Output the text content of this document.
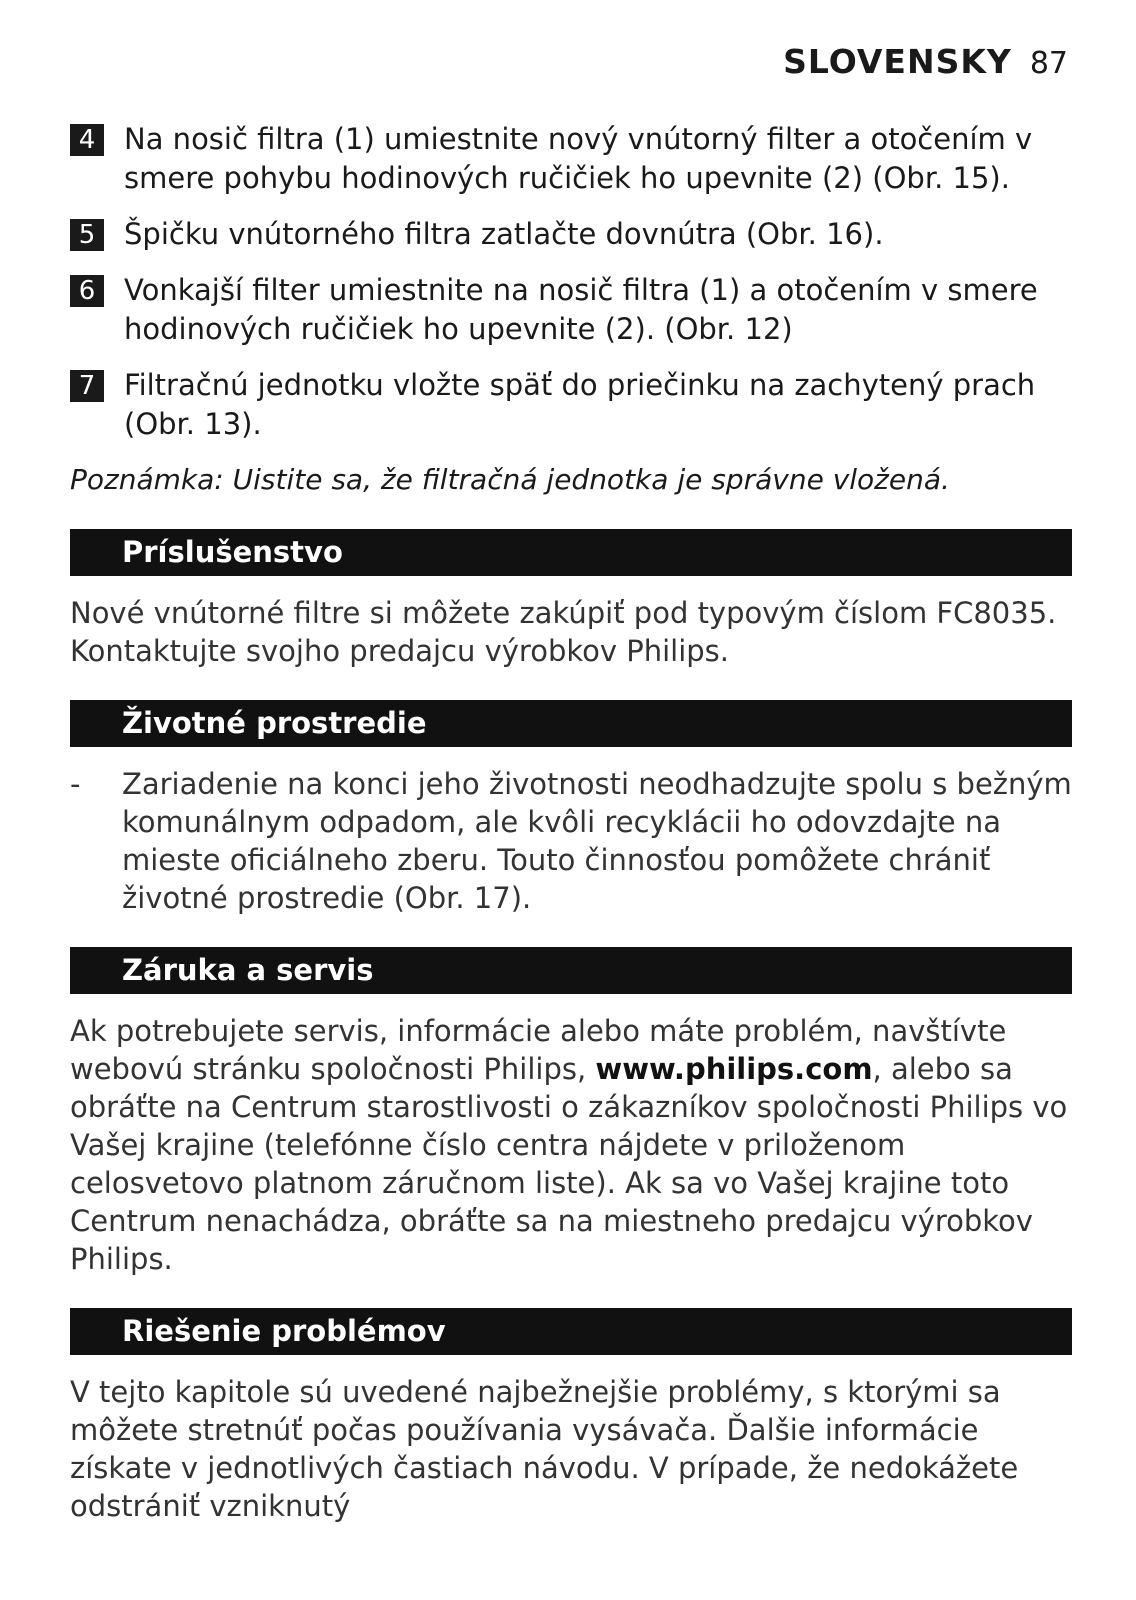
SLOVENSKY 87
4 Na nosič filtra (1) umiestnite nový vnútorný filter a otočením v smere pohybu hodinových ručičiek ho upevnite (2) (Obr. 15).
5 Špičku vnútorného filtra zatlačte dovnútra (Obr. 16).
6 Vonkajší filter umiestnite na nosič filtra (1) a otočením v smere hodinových ručičiek ho upevnite (2). (Obr. 12)
7 Filtračnú jednotku vložte späť do priečinku na zachytený prach (Obr. 13).
Poznámka: Uistite sa, že filtračná jednotka je správne vložená.
Príslušenstvo
Nové vnútorné filtre si môžete zakúpiť pod typovým číslom FC8035. Kontaktujte svojho predajcu výrobkov Philips.
Životné prostredie
-	Zariadenie na konci jeho životnosti neodhadzujte spolu s bežným komunálnym odpadom, ale kvôli recyklácii ho odovzdajte na mieste oficiálneho zberu. Touto činnosťou pomôžete chrániť životné prostredie (Obr. 17).
Záruka a servis
Ak potrebujete servis, informácie alebo máte problém, navštívte webovú stránku spoločnosti Philips, www.philips.com, alebo sa obráťte na Centrum starostlivosti o zákazníkov spoločnosti Philips vo Vašej krajine (telefónne číslo centra nájdete v priloženom celosvetovo platnom záručnom liste). Ak sa vo Vašej krajine toto Centrum nenachádza, obráťte sa na miestneho predajcu výrobkov Philips.
Riešenie problémov
V tejto kapitole sú uvedené najbežnejšie problémy, s ktorými sa môžete stretnúť počas používania vysávača. Ďalšie informácie získate v jednotlivých častiach návodu. V prípade, že nedokážete odstrániť vzniknutý
